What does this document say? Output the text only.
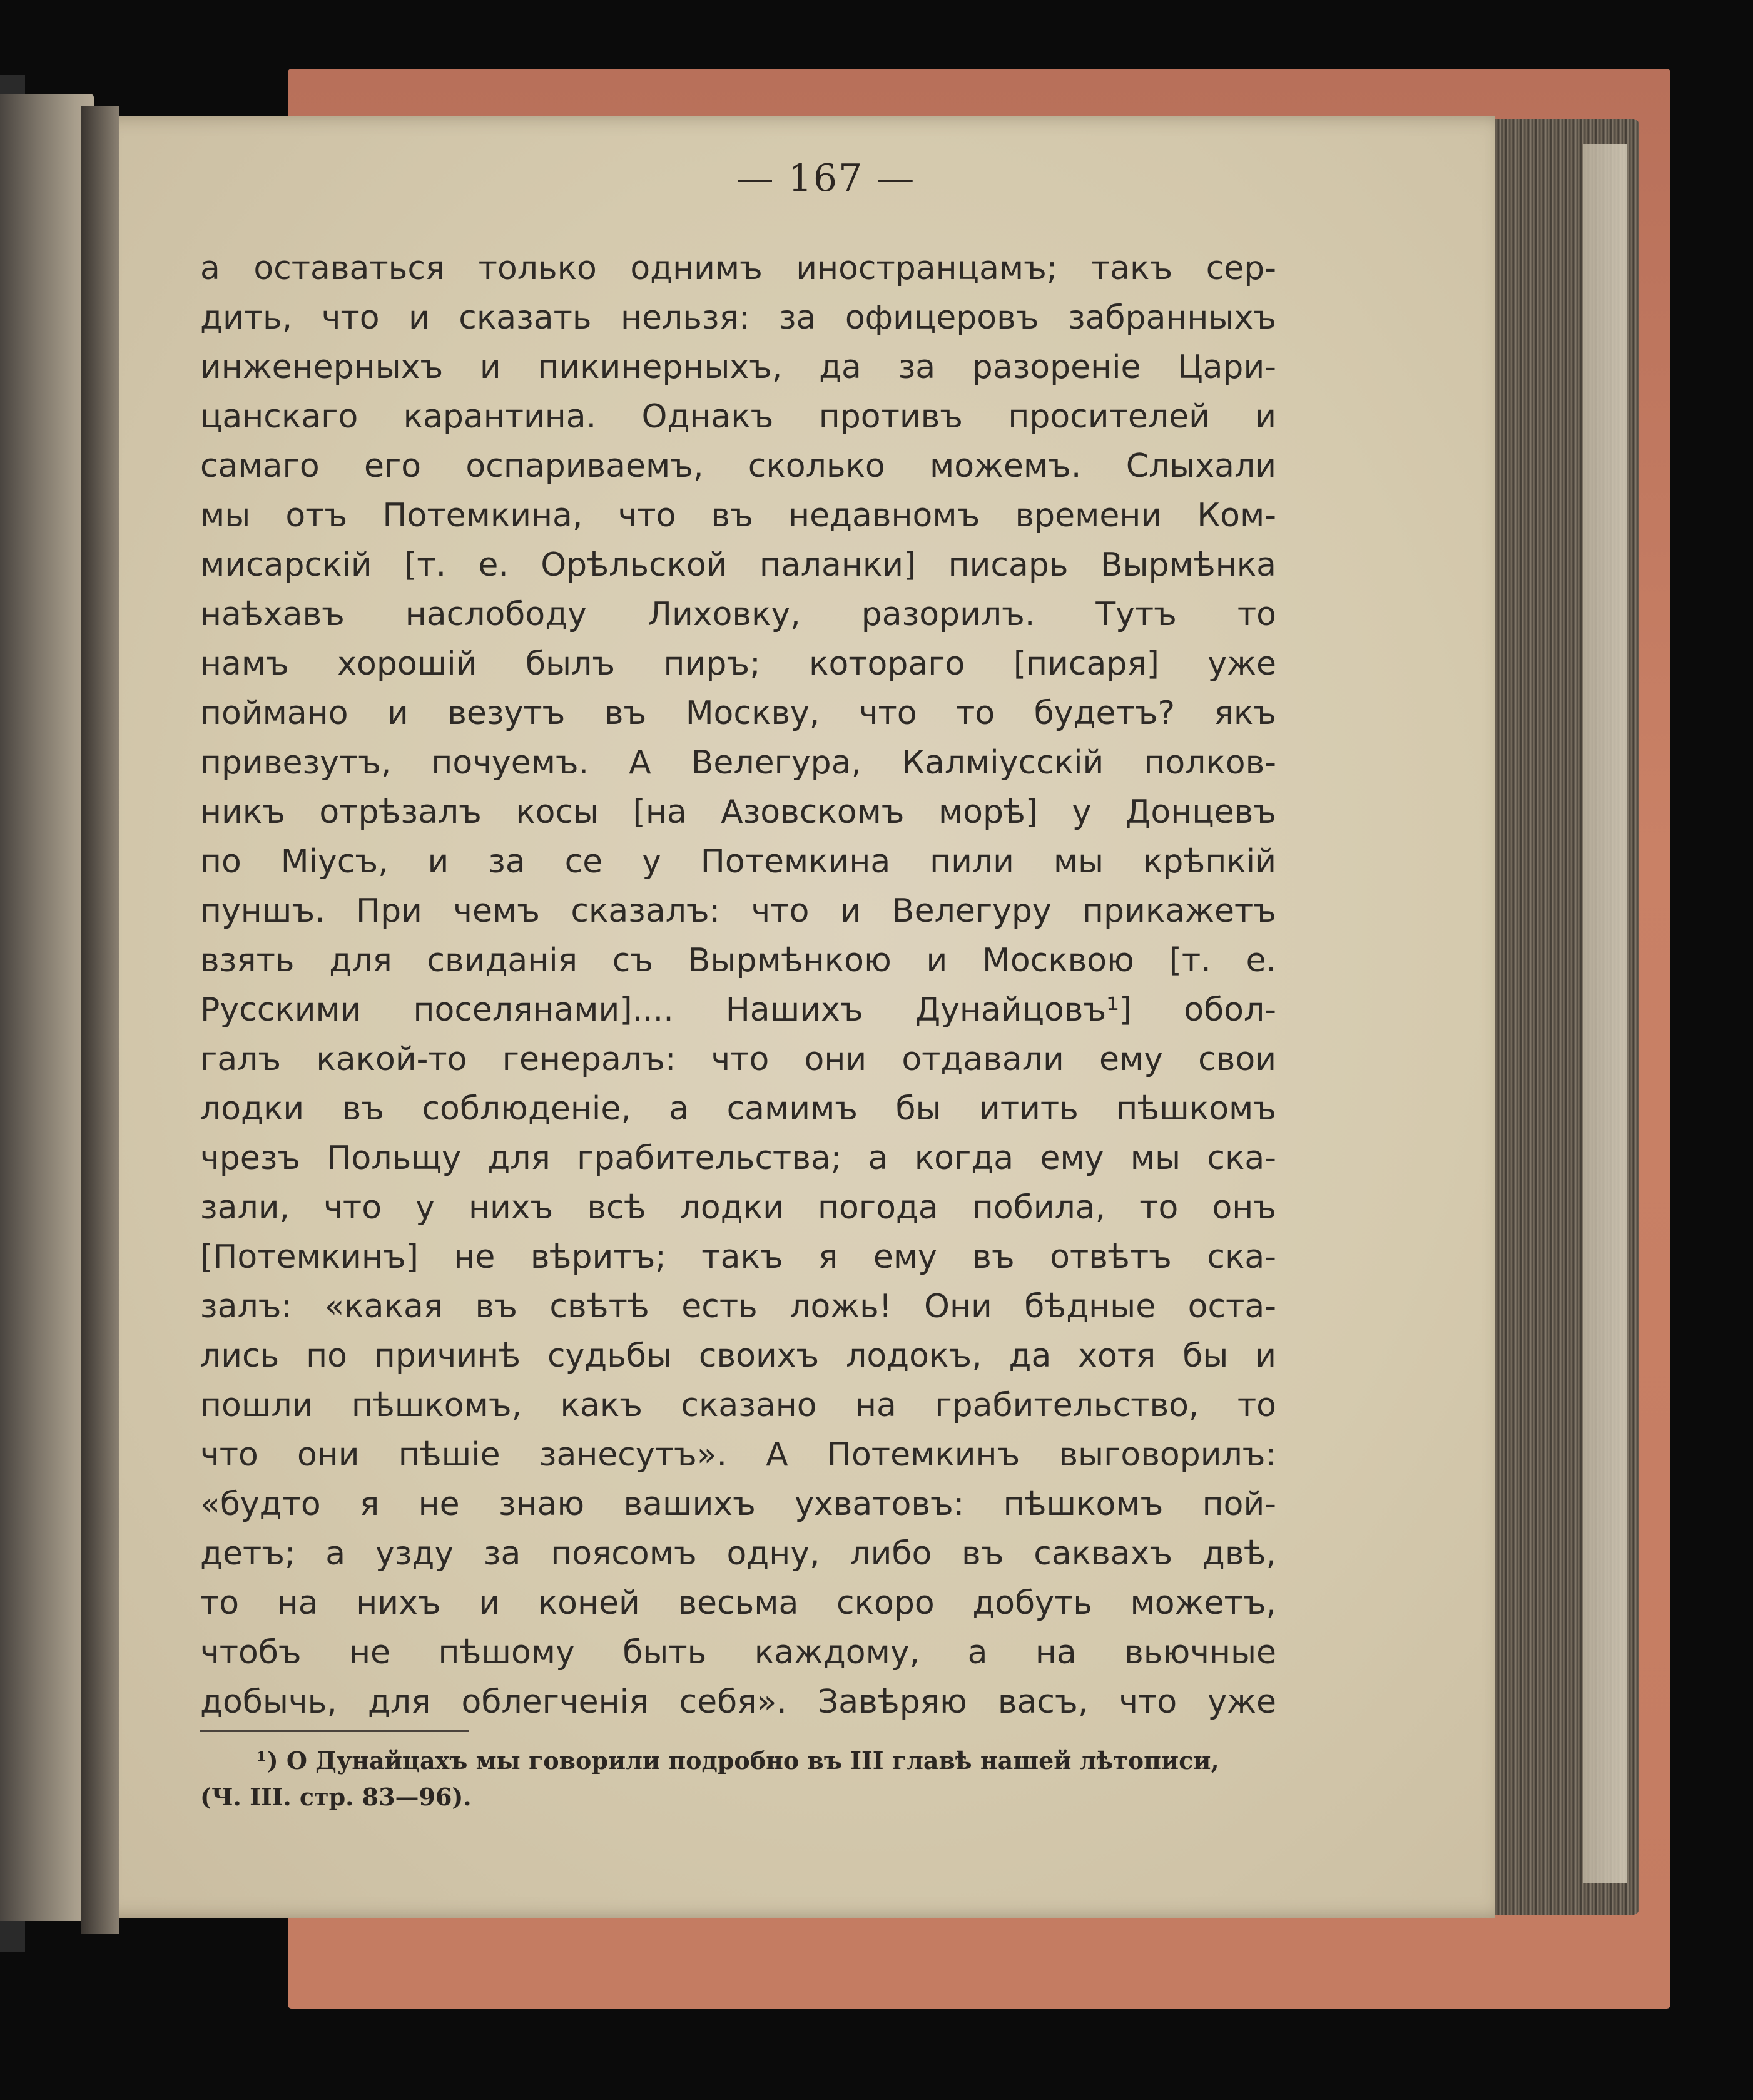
— 167 —
а оставаться только однимъ иностранцамъ; такъ сер-
дить, что и сказать нельзя: за офицеровъ забранныхъ
инженерныхъ и пикинерныхъ, да за разореніе Цари-
цанскаго карантина. Однакъ противъ просителей и
самаго его оспариваемъ, сколько можемъ. Слыхали
мы отъ Потемкина, что въ недавномъ времени Ком-
мисарскій [т. е. Орѣльской паланки] писарь Вырмѣнка
наѣхавъ наслободу Лиховку, разорилъ. Тутъ то
намъ хорошій былъ пиръ; котораго [писаря] уже
поймано и везутъ въ Москву, что то будетъ? якъ
привезутъ, почуемъ. А Велегура, Калміусскій полков-
никъ отрѣзалъ косы [на Азовскомъ морѣ] у Донцевъ
по Міусъ, и за се у Потемкина пили мы крѣпкій
пуншъ. При чемъ сказалъ: что и Велегуру прикажетъ
взять для свиданія съ Вырмѣнкою и Москвою [т. е.
Русскими поселянами].... Нашихъ Дунайцовъ¹] обол-
галъ какой-то генералъ: что они отдавали ему свои
лодки въ соблюденіе, а самимъ бы итить пѣшкомъ
чрезъ Польщу для грабительства; а когда ему мы ска-
зали, что у нихъ всѣ лодки погода побила, то онъ
[Потемкинъ] не вѣритъ; такъ я ему въ отвѣтъ ска-
залъ: «какая въ свѣтѣ есть ложь! Они бѣдные оста-
лись по причинѣ судьбы своихъ лодокъ, да хотя бы и
пошли пѣшкомъ, какъ сказано на грабительство, то
что они пѣшіе занесутъ». А Потемкинъ выговорилъ:
«будто я не знаю вашихъ ухватовъ: пѣшкомъ пой-
детъ; а узду за поясомъ одну, либо въ саквахъ двѣ,
то на нихъ и коней весьма скоро добуть можетъ,
чтобъ не пѣшому быть каждому, а на вьючные
добычь, для облегченія себя». Завѣряю васъ, что уже
¹) О Дунайцахъ мы говорили подробно въ III главѣ нашей лѣтописи,
(Ч. III. стр. 83—96).
